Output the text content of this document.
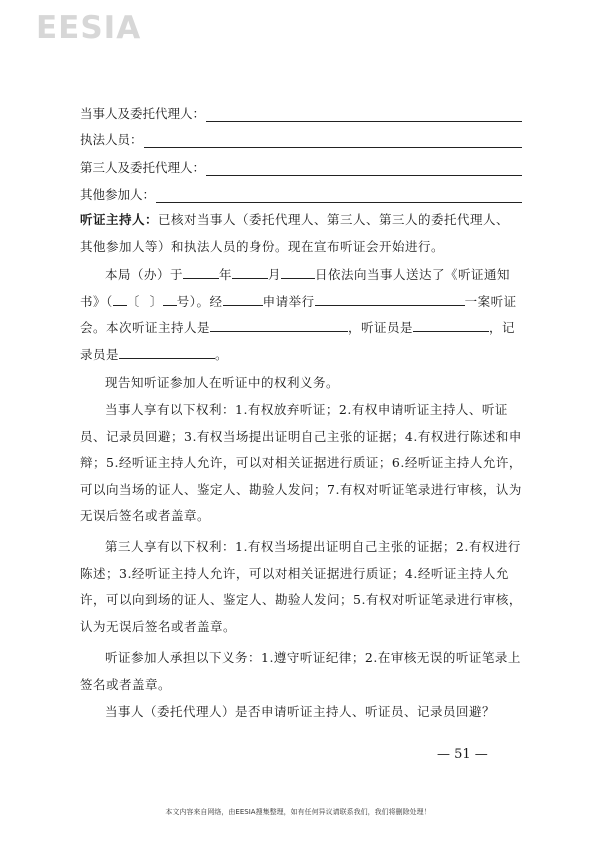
EESIA
当事人及委托代理人：
执法人员：
第三人及委托代理人：
其他参加人：
听证主持人：已核对当事人（委托代理人、第三人、第三人的委托代理人、其他参加人等）和执法人员的身份。现在宣布听证会开始进行。
本局（办）于	年	月	日依法向当事人送达了《听证通知书》（ 〔 〕 号）。经	申请举行	一案听证会。本次听证主持人是	，听证员是	，记录员是	。
现告知听证参加人在听证中的权利义务。
当事人享有以下权利：1.有权放弃听证；2.有权申请听证主持人、听证员、记录员回避；3.有权当场提出证明自己主张的证据；4.有权进行陈述和申辩；5.经听证主持人允许，可以对相关证据进行质证；6.经听证主持人允许，可以向当场的证人、鉴定人、勘验人发问；7.有权对听证笔录进行审核，认为无误后签名或者盖章。
第三人享有以下权利：1.有权当场提出证明自己主张的证据；2.有权进行陈述；3.经听证主持人允许，可以对相关证据进行质证；4.经听证主持人允许，可以向到场的证人、鉴定人、勘验人发问；5.有权对听证笔录进行审核，认为无误后签名或者盖章。
听证参加人承担以下义务：1.遵守听证纪律；2.在审核无误的听证笔录上签名或者盖章。
当事人（委托代理人）是否申请听证主持人、听证员、记录员回避？
— 51 —
本文内容来自网络，由EESIA搜集整理，如有任何异议请联系我们，我们将删除处理！
